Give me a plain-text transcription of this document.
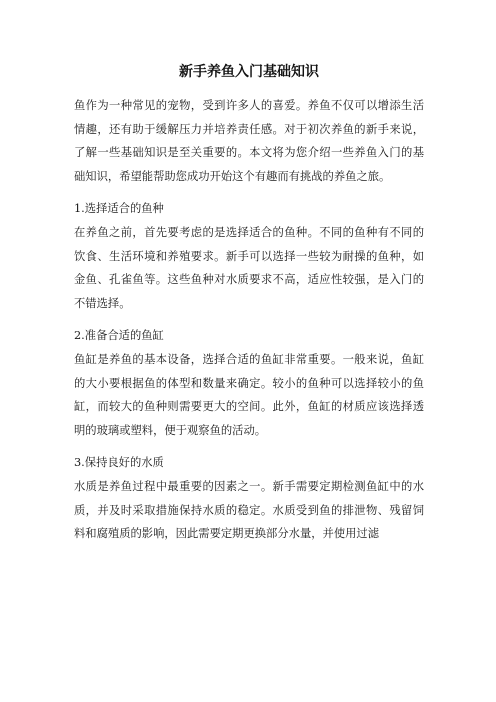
新手养鱼入门基础知识

鱼作为一种常见的宠物，受到许多人的喜爱。养鱼不仅可以增添生活情趣，还有助于缓解压力并培养责任感。对于初次养鱼的新手来说，了解一些基础知识是至关重要的。本文将为您介绍一些养鱼入门的基础知识，希望能帮助您成功开始这个有趣而有挑战的养鱼之旅。

1.选择适合的鱼种

在养鱼之前，首先要考虑的是选择适合的鱼种。不同的鱼种有不同的饮食、生活环境和养殖要求。新手可以选择一些较为耐操的鱼种，如金鱼、孔雀鱼等。这些鱼种对水质要求不高，适应性较强，是入门的不错选择。

2.准备合适的鱼缸

鱼缸是养鱼的基本设备，选择合适的鱼缸非常重要。一般来说，鱼缸的大小要根据鱼的体型和数量来确定。较小的鱼种可以选择较小的鱼缸，而较大的鱼种则需要更大的空间。此外，鱼缸的材质应该选择透明的玻璃或塑料，便于观察鱼的活动。

3.保持良好的水质

水质是养鱼过程中最重要的因素之一。新手需要定期检测鱼缸中的水质，并及时采取措施保持水质的稳定。水质受到鱼的排泄物、残留饲料和腐殖质的影响，因此需要定期更换部分水量，并使用过滤
